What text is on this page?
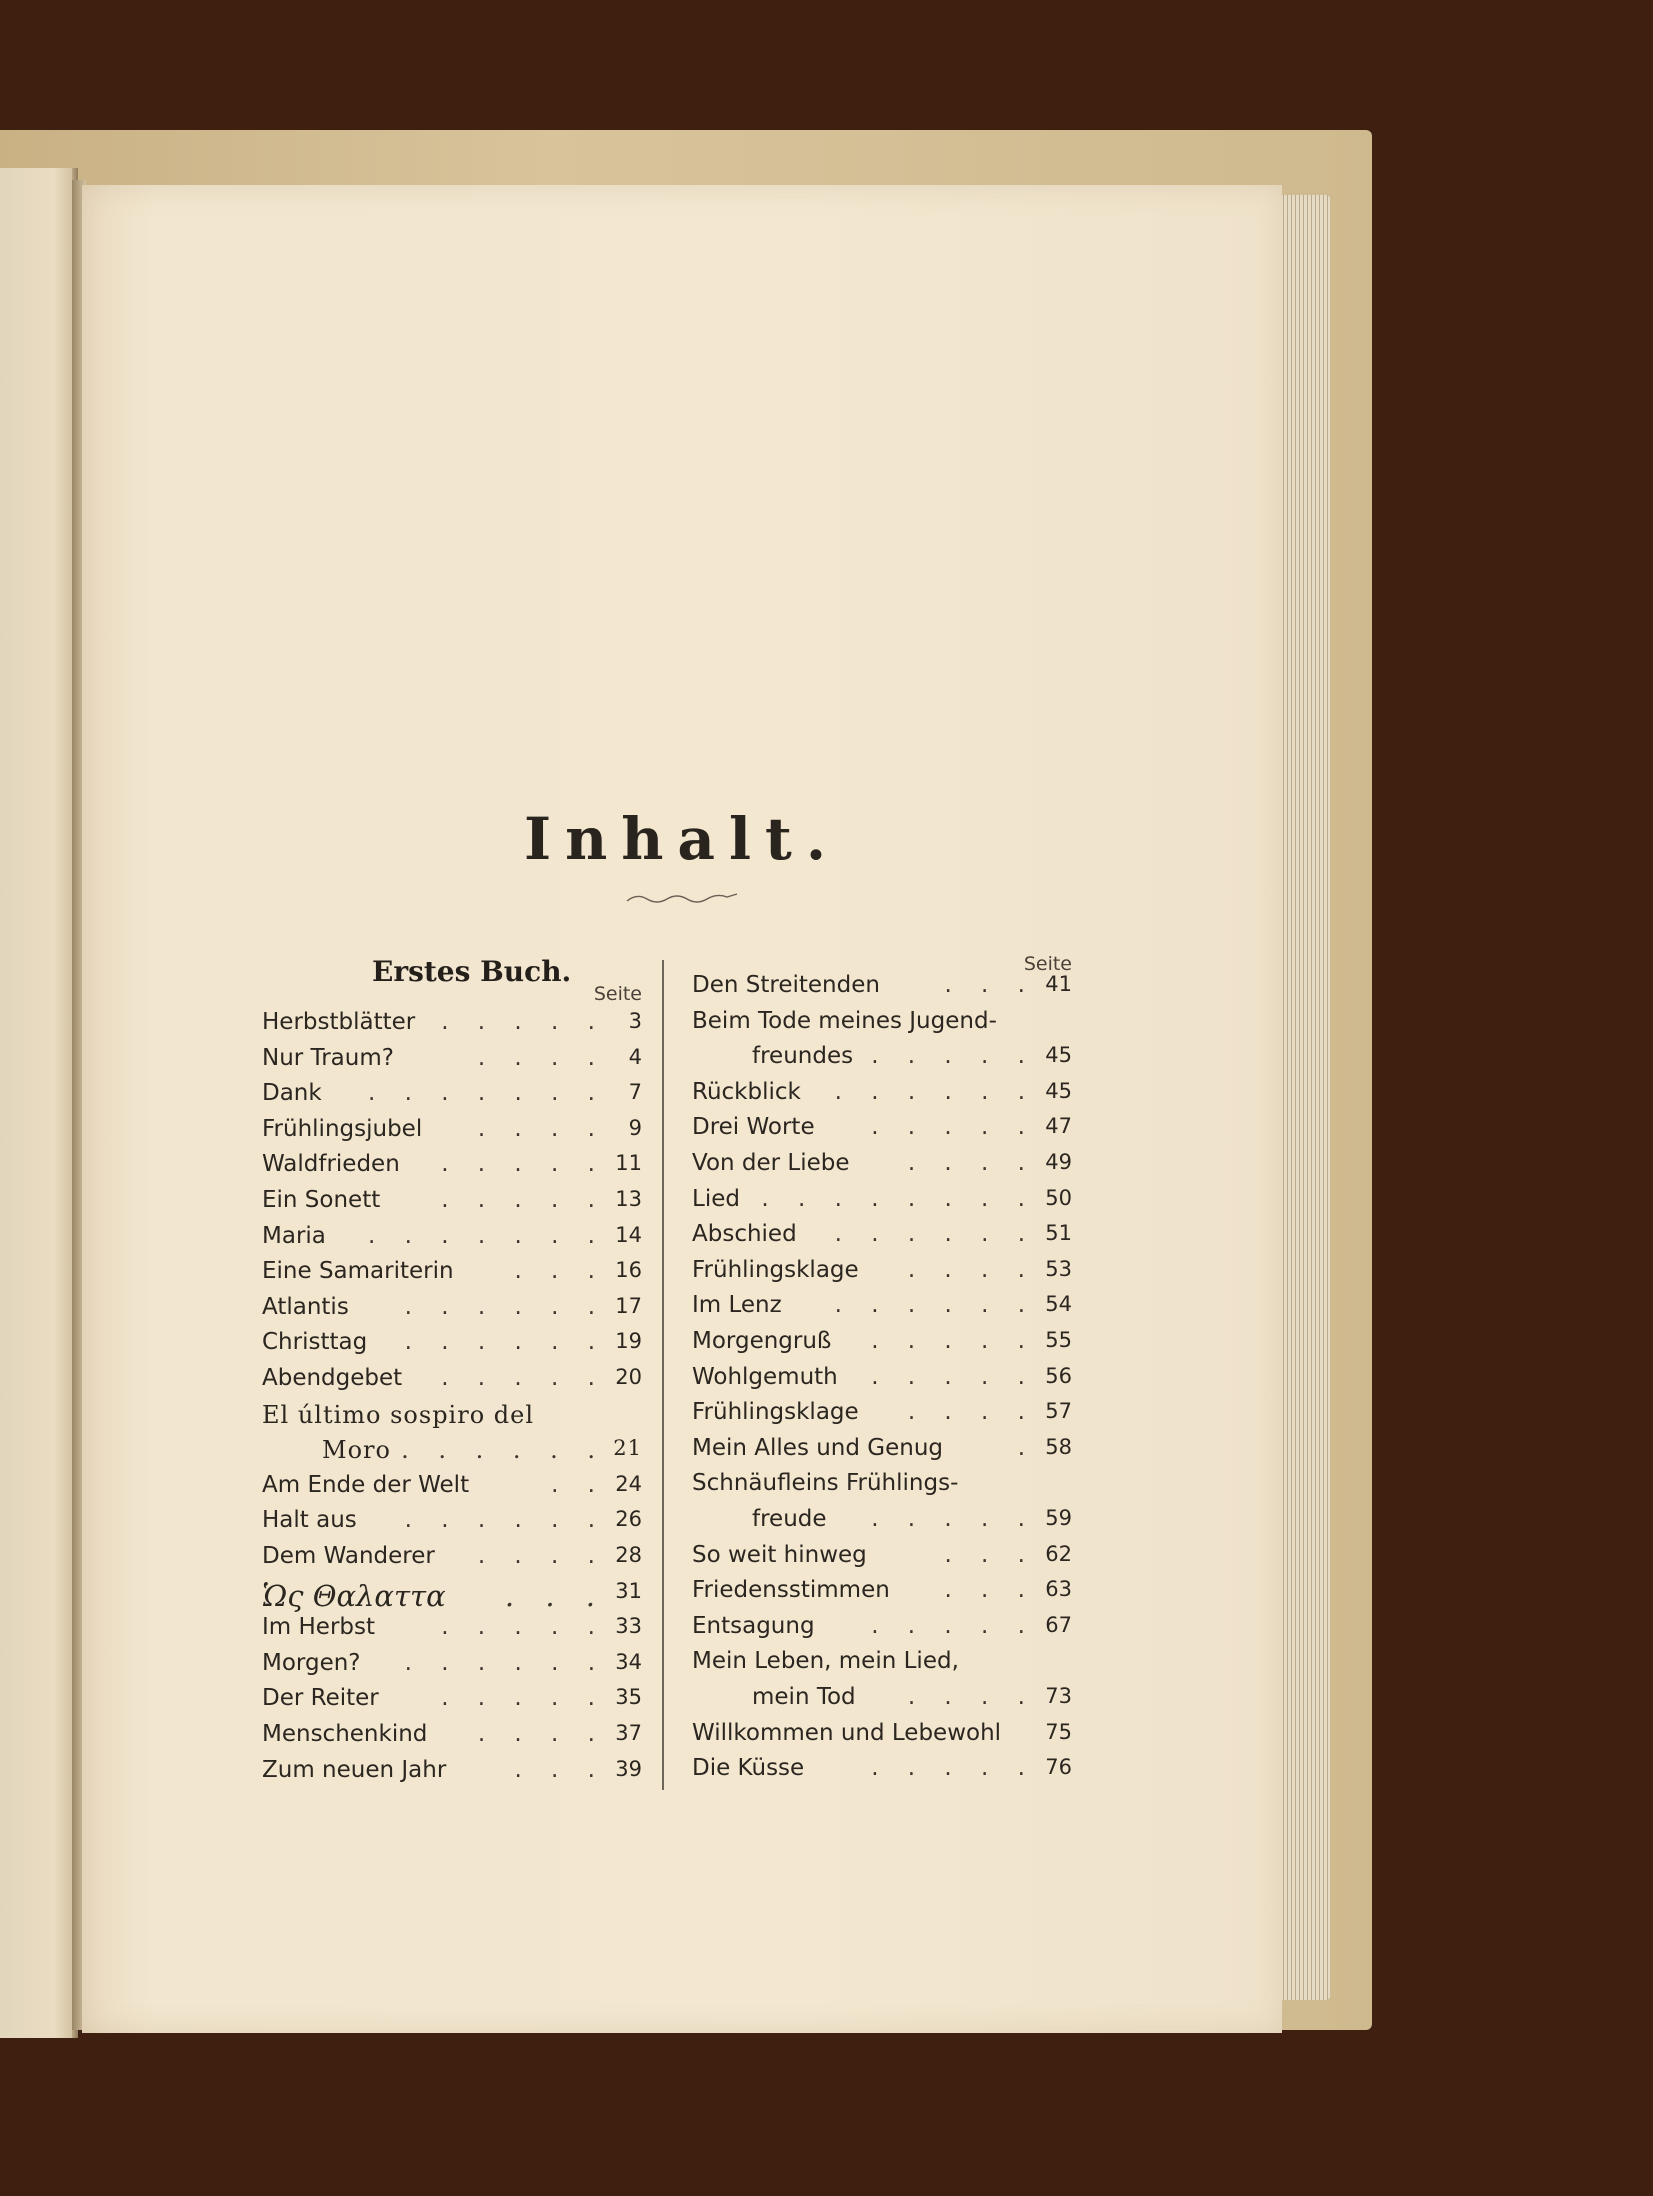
Inhalt.
Erstes Buch.
Seite
Herbstblätter . . . . . 3
Nur Traum?	. . . . 4
Dank . . . . . . . 7
Frühlingsjubel . . . . 9
Waldfrieden . . . . . 11
Ein Sonett	. . . . . 13
Maria . . . . . . . 14
Eine Samariterin	. . . 16
Atlantis . . . . . . 17
Christtag . . . . . . 19
Abendgebet . . . . . 20
El último sospiro del
Moro . . . . . . 21
Am Ende der Welt	. . 24
Halt aus . . . . . . 26
Dem Wanderer . . . . 28
Ὡς Θαλαττα . . . 31
Im Herbst	. . . . . 33
Morgen? . . . . . . 34
Der Reiter	. . . . . 35
Menschenkind . . . . 37
Zum neuen Jahr	. . . 39
Seite
Den Streitenden	. . . 41
Beim Tode meines Jugend-
freundes . . . . . 45
Rückblick . . . . . . 45
Drei Worte . . . . . 47
Von der Liebe	. . . . 49
Lied . . . . . . . . 50
Abschied . . . . . . 51
Frühlingsklage . . . . 53
Im Lenz . . . . . . 54
Morgengruß . . . . . 55
Wohlgemuth . . . . . 56
Frühlingsklage . . . . 57
Mein Alles und Genug	. 58
Schnäufleins Frühlings-
freude . . . . . 59
So weit hinweg	. . . 62
Friedensstimmen . . . 63
Entsagung . . . . . 67
Mein Leben, mein Lied,
mein Tod . . . . 73
Willkommen und Lebewohl 75
Die Küsse	. . . . . 76
